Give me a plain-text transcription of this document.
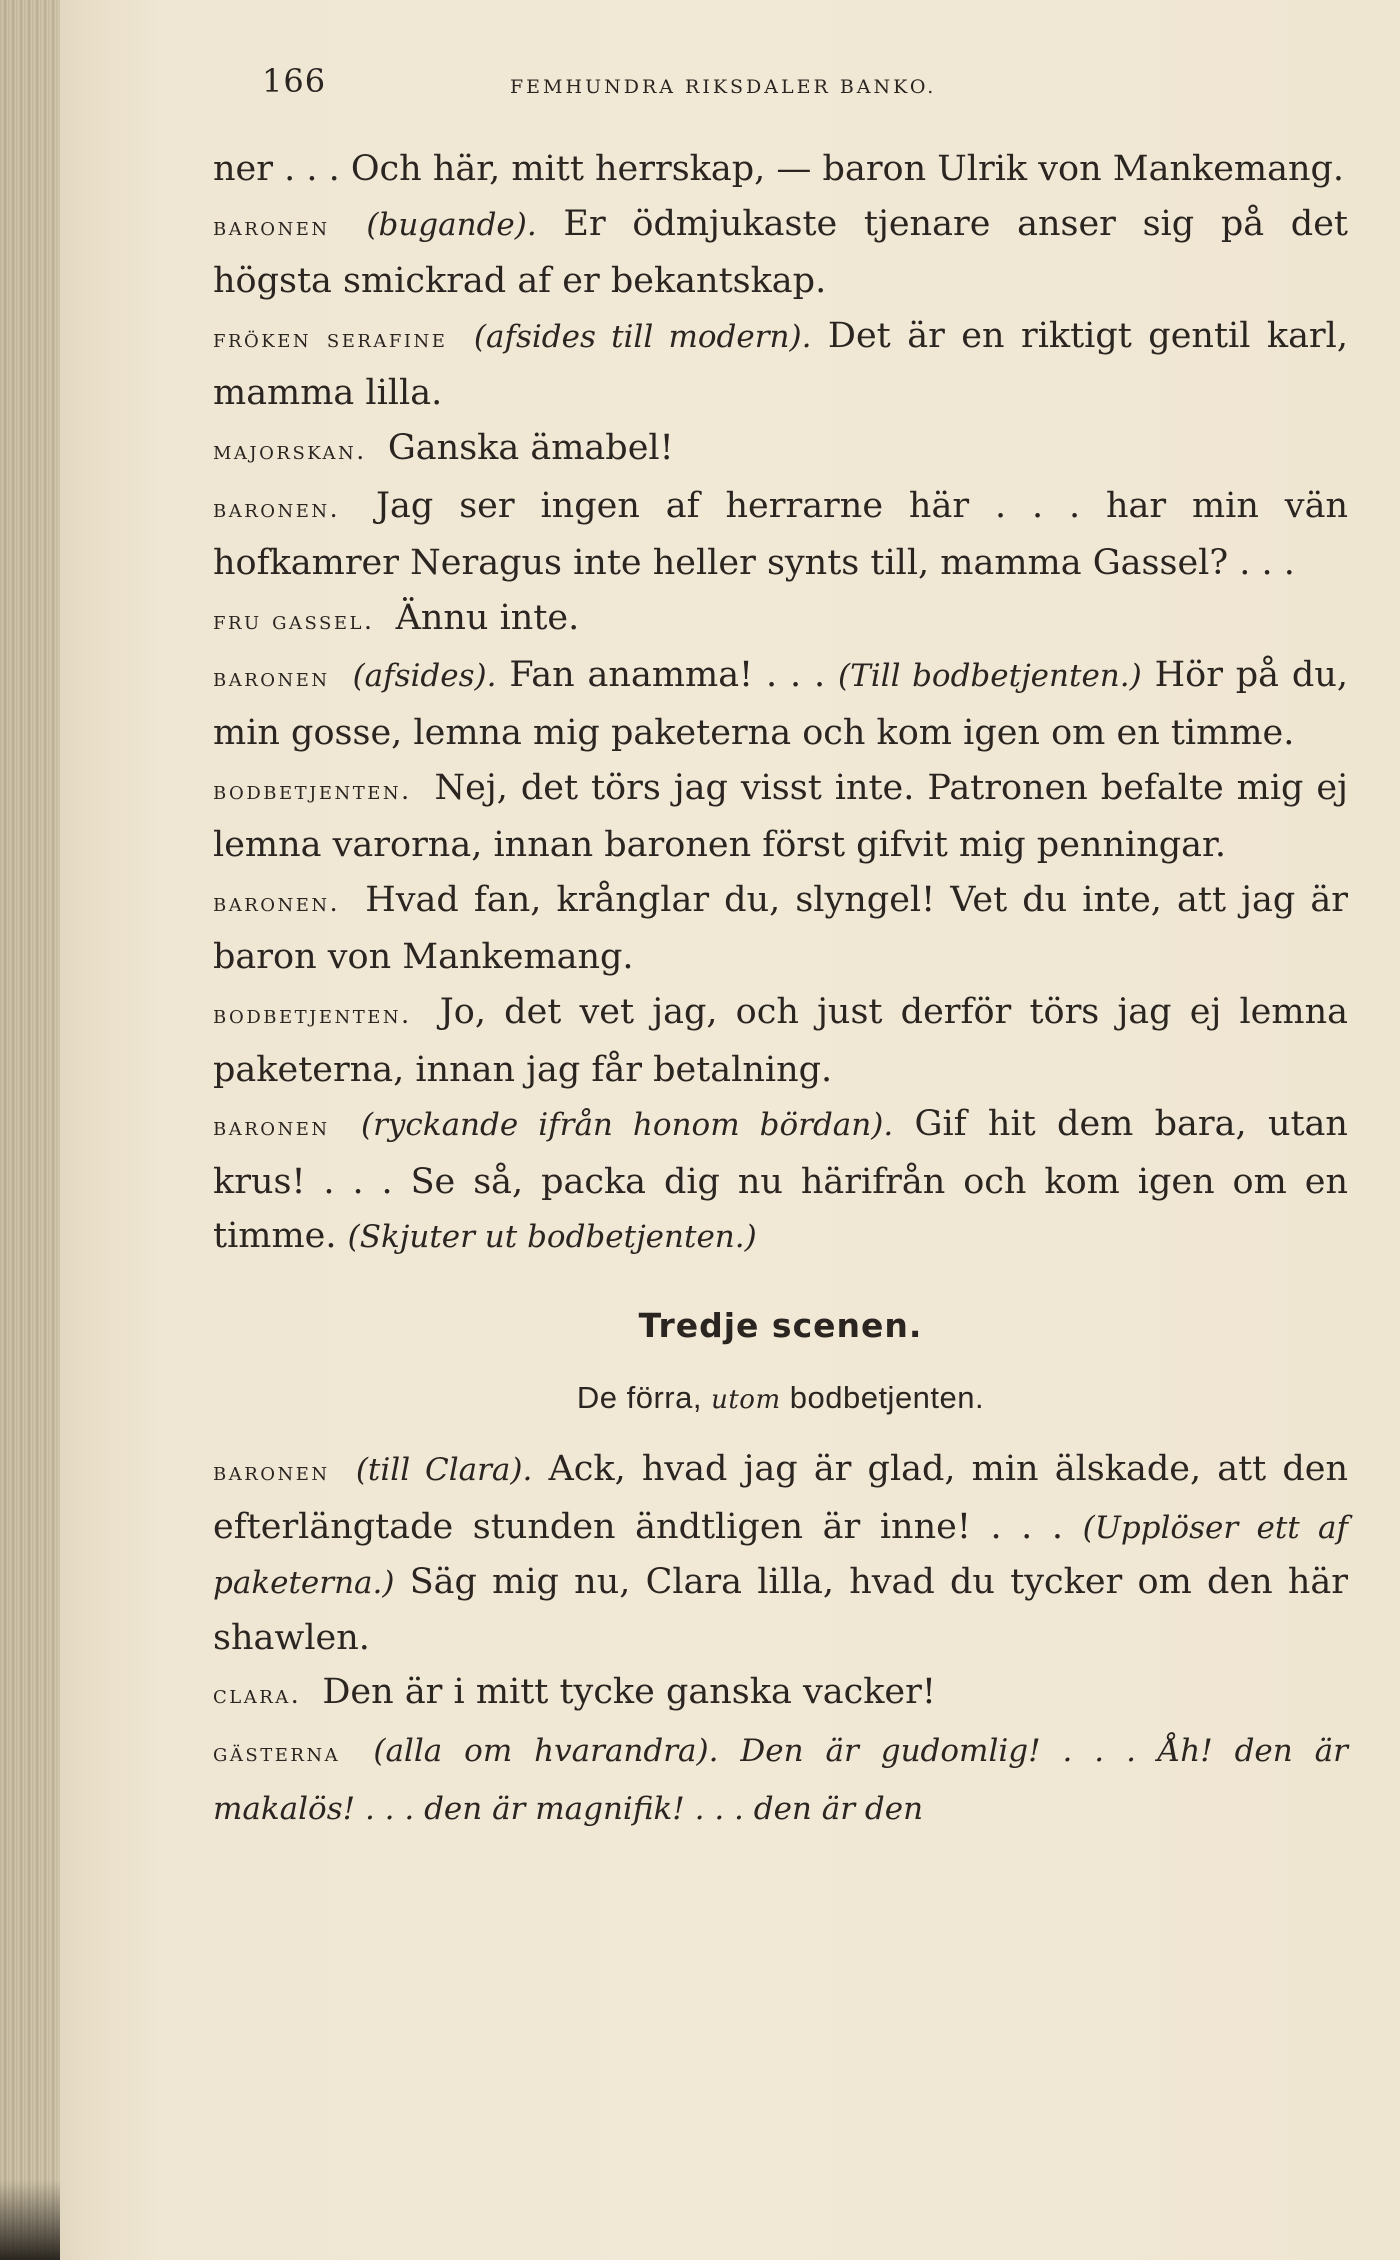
166	FEMHUNDRA RIKSDALER BANKO.

ner . . . Och här, mitt herrskap, — baron Ulrik von Mankemang.

baronen (bugande). Er ödmjukaste tjenare anser sig på det högsta smickrad af er bekantskap.

fröken serafine (afsides till modern). Det är en riktigt gentil karl, mamma lilla.

majorskan. Ganska ämabel!

baronen. Jag ser ingen af herrarne här . . . har min vän hofkamrer Neragus inte heller synts till, mamma Gassel? . . .

fru gassel. Ännu inte.

baronen (afsides). Fan anamma! . . . (Till bodbetjenten.) Hör på du, min gosse, lemna mig paketerna och kom igen om en timme.

bodbetjenten. Nej, det törs jag visst inte. Patronen befalte mig ej lemna varorna, innan baronen först gifvit mig penningar.

baronen. Hvad fan, krånglar du, slyngel! Vet du inte, att jag är baron von Mankemang.

bodbetjenten. Jo, det vet jag, och just derför törs jag ej lemna paketerna, innan jag får betalning.

baronen (ryckande ifrån honom bördan). Gif hit dem bara, utan krus! . . . Se så, packa dig nu härifrån och kom igen om en timme. (Skjuter ut bodbetjenten.)

Tredje scenen.
De förra, utom bodbetjenten.

baronen (till Clara). Ack, hvad jag är glad, min älskade, att den efterlängtade stunden ändtligen är inne! . . . (Upplöser ett af paketerna.) Säg mig nu, Clara lilla, hvad du tycker om den här shawlen.

clara. Den är i mitt tycke ganska vacker!

gästerna (alla om hvarandra). Den är gudomlig! . . . Åh! den är makalös! . . . den är magnifik! . . . den är den
